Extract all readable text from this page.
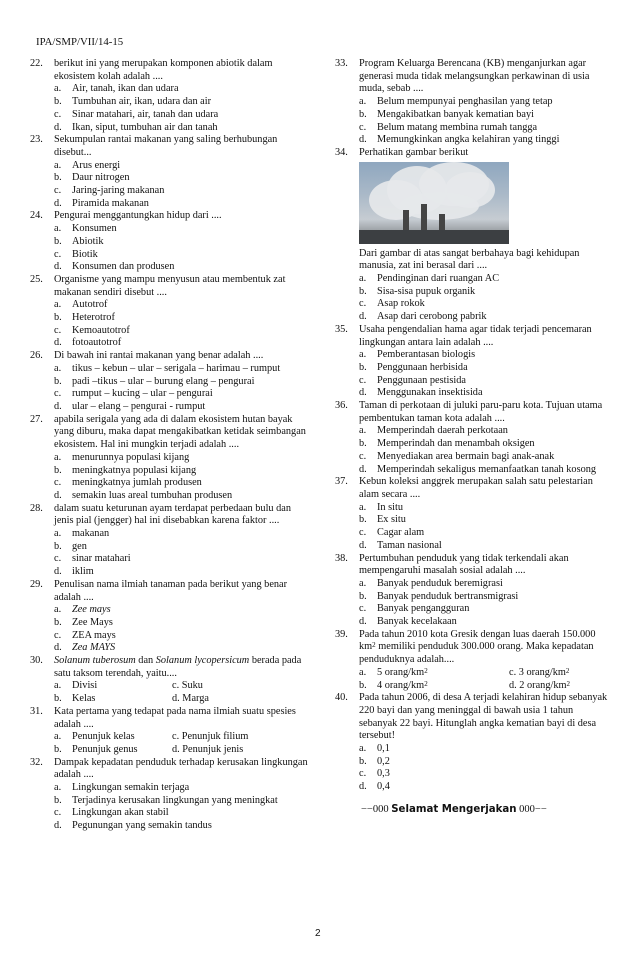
IPA/SMP/VII/14-15
22.	berikut ini yang merupakan komponen abiotik dalam ekosistem kolah adalah ....
a.	Air, tanah, ikan dan udara
b. Tumbuhan air, ikan, udara dan air
c.	Sinar matahari, air, tanah dan udara
d. Ikan, siput, tumbuhan air dan tanah
23.	Sekumpulan rantai makanan yang saling berhubungan disebut...
a.	Arus energi
b. Daur nitrogen
c.	Jaring-jaring makanan
d. Piramida makanan
24.	Pengurai menggantungkan hidup dari ....
a.	Konsumen
b. Abiotik
c.	Biotik
d. Konsumen dan produsen
25.	Organisme yang mampu menyusun atau membentuk zat makanan sendiri disebut ....
a.	Autotrof
b. Heterotrof
c.	Kemoautotrof
d. fotoautotrof
26.	Di bawah ini rantai makanan yang benar adalah ....
a.	tikus – kebun – ular – serigala – harimau – rumput
b. padi –tikus – ular – burung elang – pengurai
c.	rumput – kucing – ular – pengurai
d. ular – elang – pengurai - rumput
27.	apabila serigala yang ada di dalam ekosistem hutan bayak yang diburu, maka dapat mengakibatkan ketidak seimbangan ekosistem. Hal ini mungkin terjadi adalah ....
a.	menurunnya populasi kijang
b. meningkatnya populasi kijang
c.	meningkatnya jumlah produsen
d. semakin luas areal tumbuhan produsen
28.	dalam suatu keturunan ayam terdapat perbedaan bulu dan jenis pial (jengger) hal ini disebabkan karena faktor ....
a.	makanan
b. gen
c.	sinar matahari
d. iklim
29.	Penulisan nama ilmiah tanaman pada berikut yang benar adalah ....
a.	Zee mays
b. Zee Mays
c.	ZEA mays
d. Zea MAYS
30.	Solanum tuberosum dan Solanum lycopersicum berada pada satu taksom terendah, yaitu....
a.	Divisi	c. Suku
b. Kelas	d. Marga
31.	Kata pertama yang tedapat pada nama ilmiah suatu spesies adalah ....
a.	Penunjuk kelas	c. Penunjuk filium
b. Penunjuk genus	d. Penunjuk jenis
32.	Dampak kepadatan penduduk terhadap kerusakan lingkungan adalah ....
a.	Lingkungan semakin terjaga
b. Terjadinya kerusakan lingkungan yang meningkat
c.	Lingkungan akan stabil
d. Pegunungan yang semakin tandus
33.	Program Keluarga Berencana (KB) menganjurkan agar generasi muda tidak melangsungkan perkawinan di usia muda, sebab ....
a.	Belum mempunyai penghasilan yang tetap
b. Mengakibatkan banyak kematian bayi
c.	Belum matang membina rumah tangga
d. Memungkinkan angka kelahiran yang tinggi
34.	Perhatikan gambar berikut
Dari gambar di atas sangat berbahaya bagi kehidupan manusia, zat ini berasal dari ....
a.	Pendinginan dari ruangan AC
b. Sisa-sisa pupuk organik
c.	Asap rokok
d. Asap dari cerobong pabrik
35.	Usaha pengendalian hama agar tidak terjadi pencemaran lingkungan antara lain adalah ....
a.	Pemberantasan biologis
b. Penggunaan herbisida
c.	Penggunaan pestisida
d. Menggunakan insektisida
36.	Taman di perkotaan di juluki paru-paru kota. Tujuan utama pembentukan taman kota adalah ....
a.	Memperindah daerah perkotaan
b. Memperindah dan menambah oksigen
c.	Menyediakan area bermain bagi anak-anak
d. Memperindah sekaligus memanfaatkan tanah kosong
37.	Kebun koleksi anggrek merupakan salah satu pelestarian alam secara ....
a.	In situ
b. Ex situ
c.	Cagar alam
d. Taman nasional
38.	Pertumbuhan penduduk yang tidak terkendali akan mempengaruhi masalah sosial adalah ....
a.	Banyak penduduk beremigrasi
b. Banyak penduduk bertransmigrasi
c.	Banyak pengangguran
d. Banyak kecelakaan
39.	Pada tahun 2010 kota Gresik dengan luas daerah 150.000 $km^2$ memiliki penduduk 300.000 orang. Maka kepadatan penduduknya adalah....
a.	5 orang/km 2	c. 3 orang/$km^2$
b. 4 orang/km 2	d. 2 orang/$km^2$
40.	Pada tahun 2006, di desa A terjadi kelahiran hidup sebanyak 220 bayi dan yang meninggal di bawah usia 1 tahun sebanyak 22 bayi. Hitunglah angka kematian bayi di desa tersebut!
a.	0,1
b. 0,2
c.	0,3
d. 0,4
−−000 Selamat Mengerjakan 000−−
2
